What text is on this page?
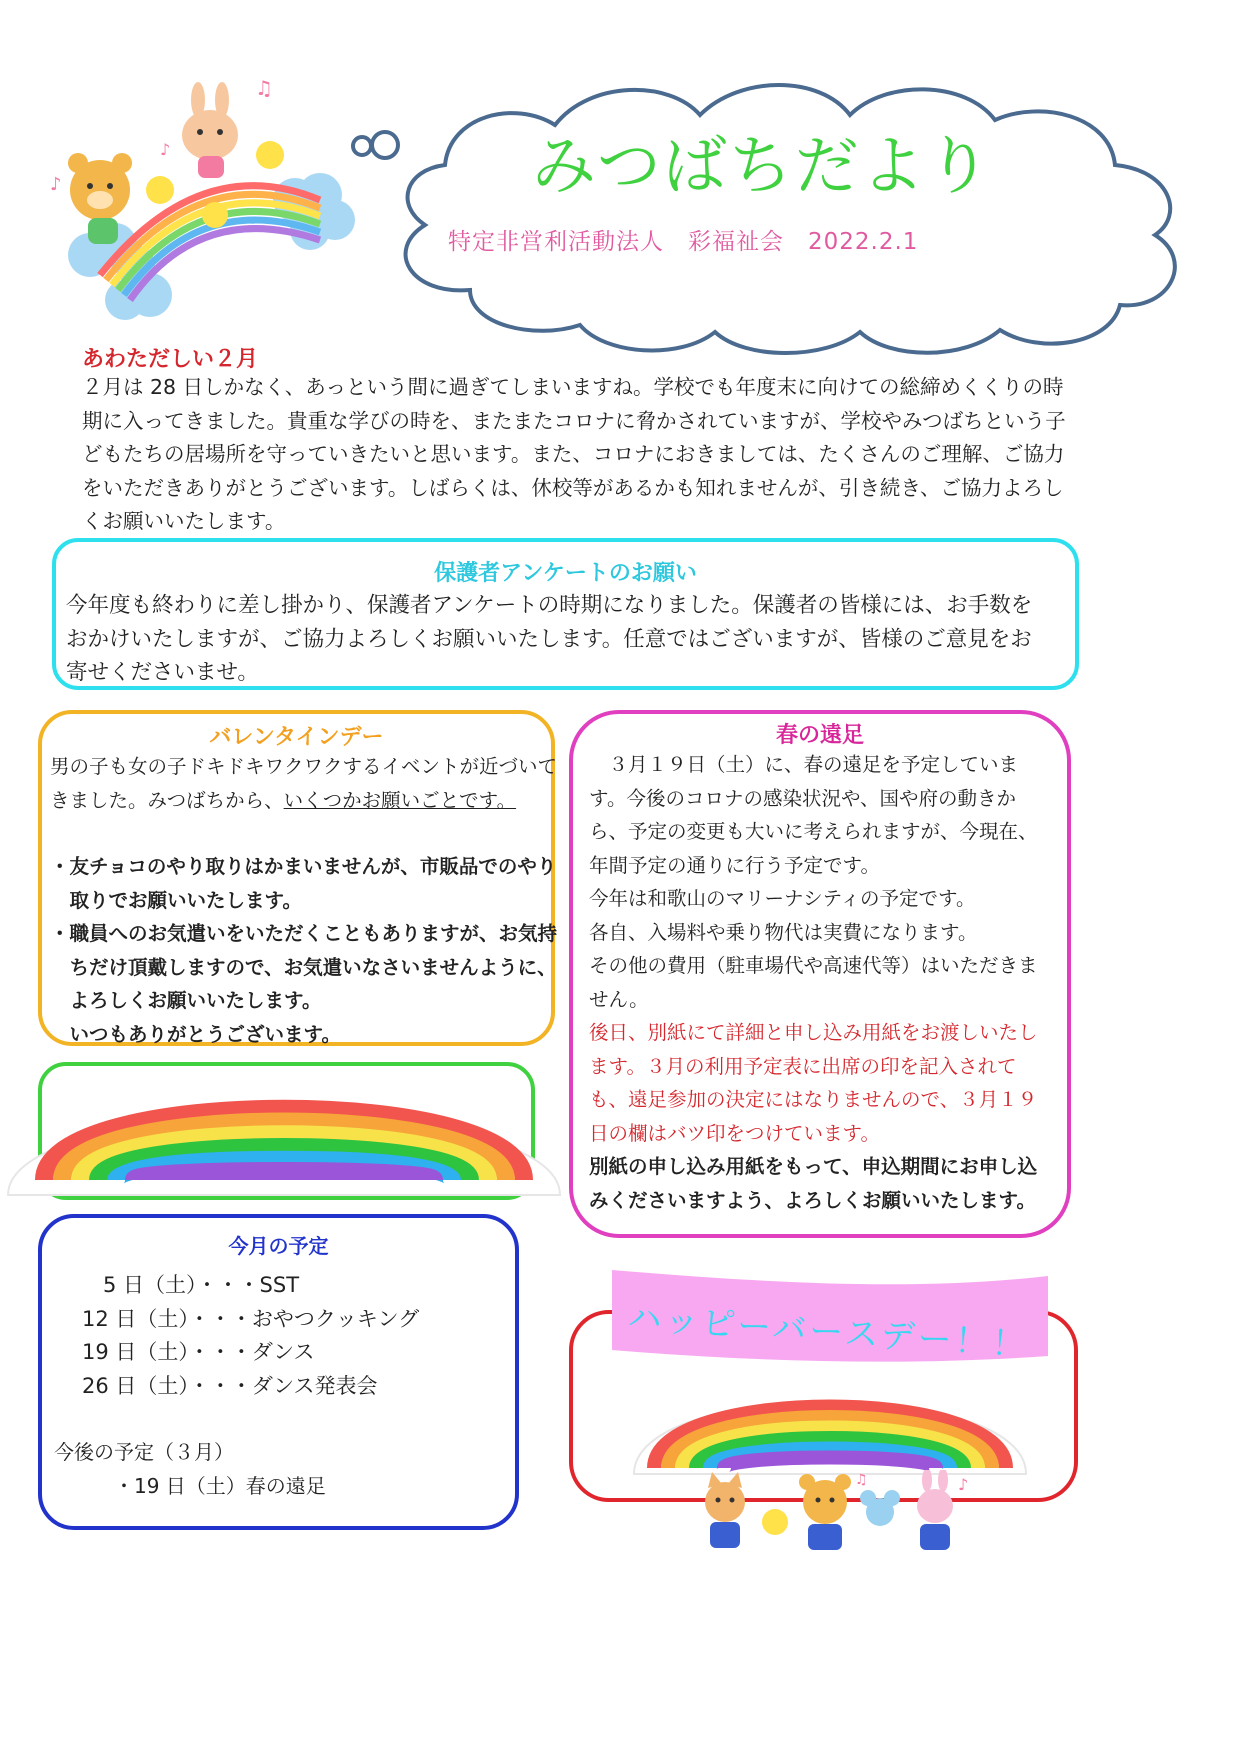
♪
♫
♪	みつばちだより
特定非営利活動法人　彩福祉会　2022.2.1
あわただしい２月
２月は 28 日しかなく、あっという間に過ぎてしまいますね。学校でも年度末に向けての総締めくくりの時
期に入ってきました。貴重な学びの時を、またまたコロナに脅かされていますが、学校やみつばちという子
どもたちの居場所を守っていきたいと思います。また、コロナにおきましては、たくさんのご理解、ご協力
をいただきありがとうございます。しばらくは、休校等があるかも知れませんが、引き続き、ご協力よろし
くお願いいたします。
保護者アンケートのお願い
今年度も終わりに差し掛かり、保護者アンケートの時期になりました。保護者の皆様には、お手数を
おかけいたしますが、ご協力よろしくお願いいたします。任意ではございますが、皆様のご意見をお
寄せくださいませ。
バレンタインデー
男の子も女の子ドキドキワクワクするイベントが近づいて
きました。みつばちから、いくつかお願いごとです。
・友チョコのやり取りはかまいませんが、市販品でのやり
　取りでお願いいたします。
・職員へのお気遣いをいただくこともありますが、お気持
　ちだけ頂戴しますので、お気遣いなさいませんように、
　よろしくお願いいたします。
　いつもありがとうございます。
今月の予定
　5 日（土）・・・SST
12 日（土）・・・おやつクッキング
19 日（土）・・・ダンス
26 日（土）・・・ダンス発表会
今後の予定（３月）
・19 日（土）春の遠足
春の遠足
　３月１９日（土）に、春の遠足を予定していま
す。今後のコロナの感染状況や、国や府の動きか
ら、予定の変更も大いに考えられますが、今現在、
年間予定の通りに行う予定です。
今年は和歌山のマリーナシティの予定です。
各自、入場料や乗り物代は実費になります。
その他の費用（駐車場代や高速代等）はいただきま
せん。
後日、別紙にて詳細と申し込み用紙をお渡しいたし
ます。３月の利用予定表に出席の印を記入されて
も、遠足参加の決定にはなりませんので、３月１９
日の欄はバツ印をつけています。
別紙の申し込み用紙をもって、申込期間にお申し込
みくださいますよう、よろしくお願いいたします。
ハッピーバースデー！！
♪
♫
